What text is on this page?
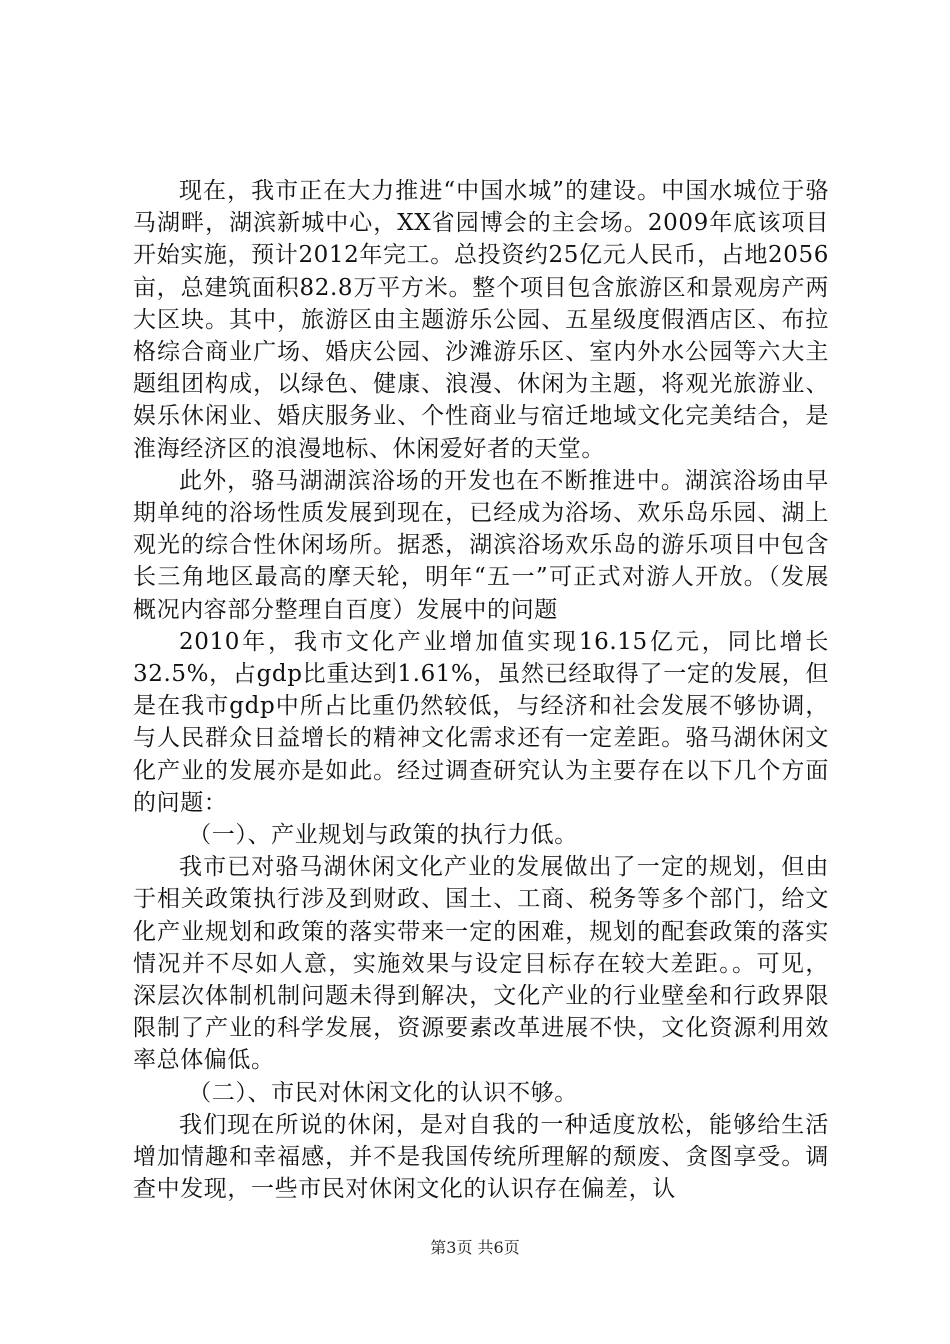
现在，我市正在大力推进“中国水城”的建设。中国水城位于骆马湖畔，湖滨新城中心，XX省园博会的主会场。2009年底该项目开始实施，预计2012年完工。总投资约25亿元人民币，占地2056亩，总建筑面积82.8万平方米。整个项目包含旅游区和景观房产两大区块。其中，旅游区由主题游乐公园、五星级度假酒店区、布拉格综合商业广场、婚庆公园、沙滩游乐区、室内外水公园等六大主题组团构成，以绿色、健康、浪漫、休闲为主题，将观光旅游业、娱乐休闲业、婚庆服务业、个性商业与宿迁地域文化完美结合，是淮海经济区的浪漫地标、休闲爱好者的天堂。

此外，骆马湖湖滨浴场的开发也在不断推进中。湖滨浴场由早期单纯的浴场性质发展到现在，已经成为浴场、欢乐岛乐园、湖上观光的综合性休闲场所。据悉，湖滨浴场欢乐岛的游乐项目中包含长三角地区最高的摩天轮，明年“五一”可正式对游人开放。（发展概况内容部分整理自百度）发展中的问题

2010年，我市文化产业增加值实现16.15亿元，同比增长32.5%，占gdp比重达到1.61%，虽然已经取得了一定的发展，但是在我市gdp中所占比重仍然较低，与经济和社会发展不够协调，与人民群众日益增长的精神文化需求还有一定差距。骆马湖休闲文化产业的发展亦是如此。经过调查研究认为主要存在以下几个方面的问题：

（一）、产业规划与政策的执行力低。

我市已对骆马湖休闲文化产业的发展做出了一定的规划，但由于相关政策执行涉及到财政、国土、工商、税务等多个部门，给文化产业规划和政策的落实带来一定的困难，规划的配套政策的落实情况并不尽如人意，实施效果与设定目标存在较大差距。。可见，深层次体制机制问题未得到解决，文化产业的行业壁垒和行政界限限制了产业的科学发展，资源要素改革进展不快，文化资源利用效率总体偏低。

（二）、市民对休闲文化的认识不够。

我们现在所说的休闲，是对自我的一种适度放松，能够给生活增加情趣和幸福感，并不是我国传统所理解的颓废、贪图享受。调查中发现，一些市民对休闲文化的认识存在偏差，认

第3页 共6页
